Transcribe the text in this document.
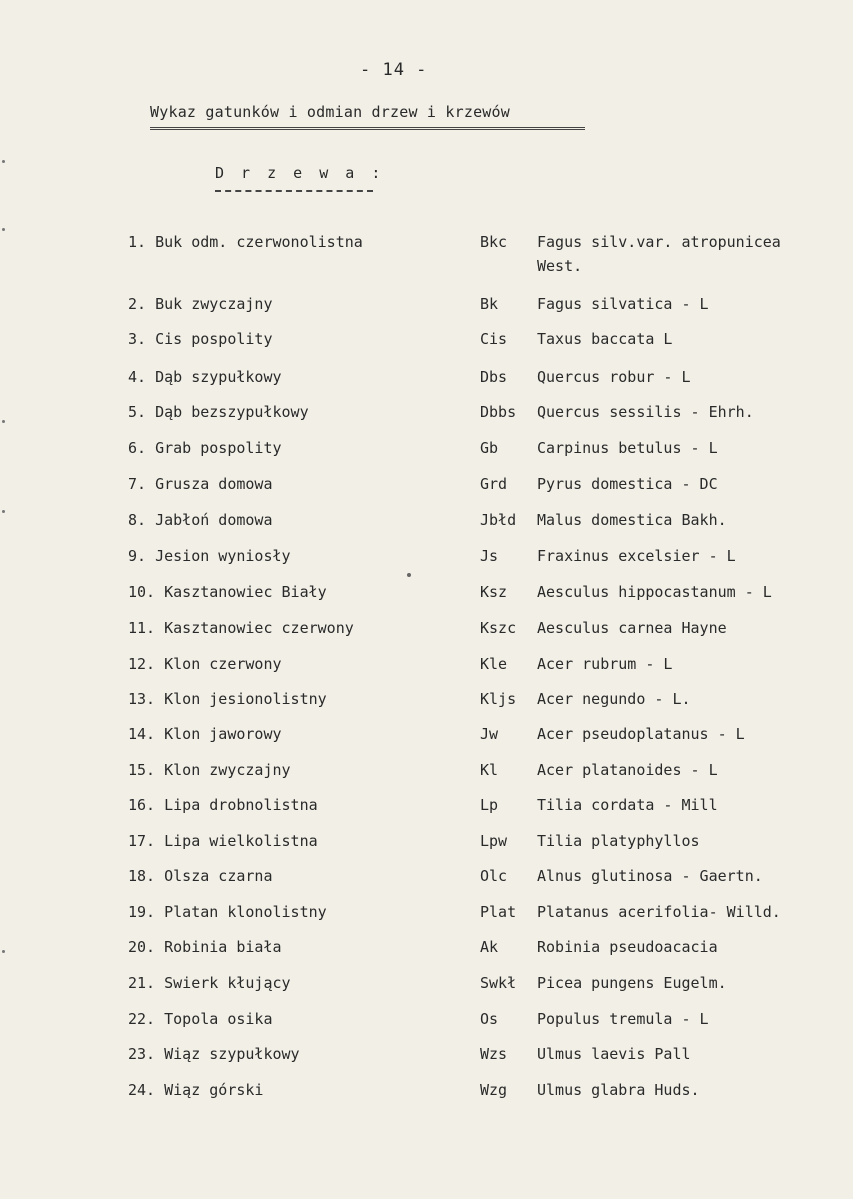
- 14 -
Wykaz gatunków i odmian drzew i krzewów
D r z e w a :
1. Buk odm. czerwonolistna	Bkc Fagus silv.var. atropunicea
West.
2. Buk zwyczajny	Bk	Fagus silvatica - L
3. Cis pospolity	Cis Taxus baccata L
4. Dąb szypułkowy	Dbs Quercus robur - L
5. Dąb bezszypułkowy	Dbbs Quercus sessilis - Ehrh.
6. Grab pospolity	Gb	Carpinus betulus - L
7. Grusza domowa	Grd Pyrus domestica - DC
8. Jabłoń domowa	Jbłd Malus domestica Bakh.
9. Jesion wyniosły	Js	Fraxinus excelsier - L
10. Kasztanowiec Biały	Ksz Aesculus hippocastanum - L
11. Kasztanowiec czerwony	Kszc Aesculus carnea Hayne
12. Klon czerwony	Kle Acer rubrum - L
13. Klon jesionolistny	Kljs Acer negundo - L.
14. Klon jaworowy	Jw	Acer pseudoplatanus - L
15. Klon zwyczajny	Kl	Acer platanoides - L
16. Lipa drobnolistna	Lp	Tilia cordata - Mill
17. Lipa wielkolistna	Lpw Tilia platyphyllos
18. Olsza czarna	Olc Alnus glutinosa - Gaertn.
19. Platan klonolistny	Plat Platanus acerifolia- Willd.
20. Robinia biała	Ak	Robinia pseudoacacia
21. Swierk kłujący	Swkł Picea pungens Eugelm.
22. Topola osika	Os	Populus tremula - L
23. Wiąz szypułkowy	Wzs Ulmus laevis Pall
24. Wiąz górski	Wzg Ulmus glabra Huds.
